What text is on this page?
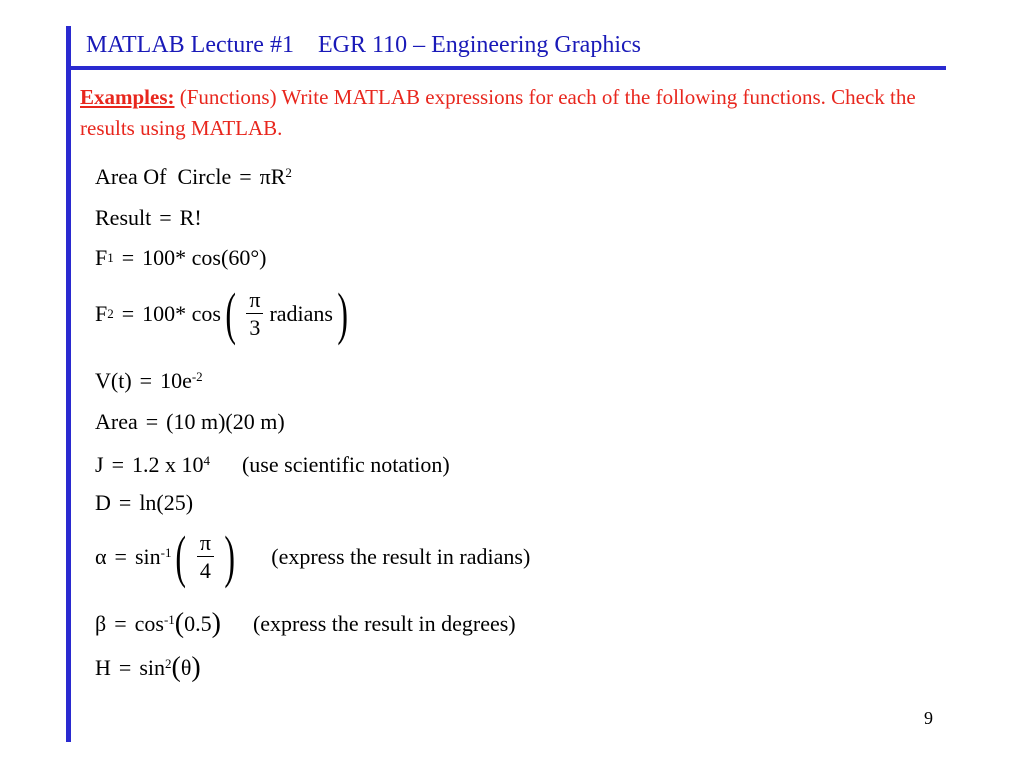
MATLAB Lecture #1 EGR 110 – Engineering Graphics
Examples: (Functions) Write MATLAB expressions for each of the following functions. Check the results using MATLAB.
Area Of  Circle = $\pi R^2$
Result = R!
F 1 = 100* cos(60°)
F 2 = 100* cos ( $\frac{\pi}{3}$ radians )
$V(t) = 10e^{-2}$
Area = (10 m)(20 m)
J = 1.2 x $10^4$ (use scientific notation)
D = ln(25)
$\alpha = \sin^{-1}$ ( $\frac{\pi}{4}$ ) (express the result in radians)
$\beta = \cos^{-1}$ ( 0.5 ) (express the result in degrees)
$H = \sin^2$ ( θ )
9
